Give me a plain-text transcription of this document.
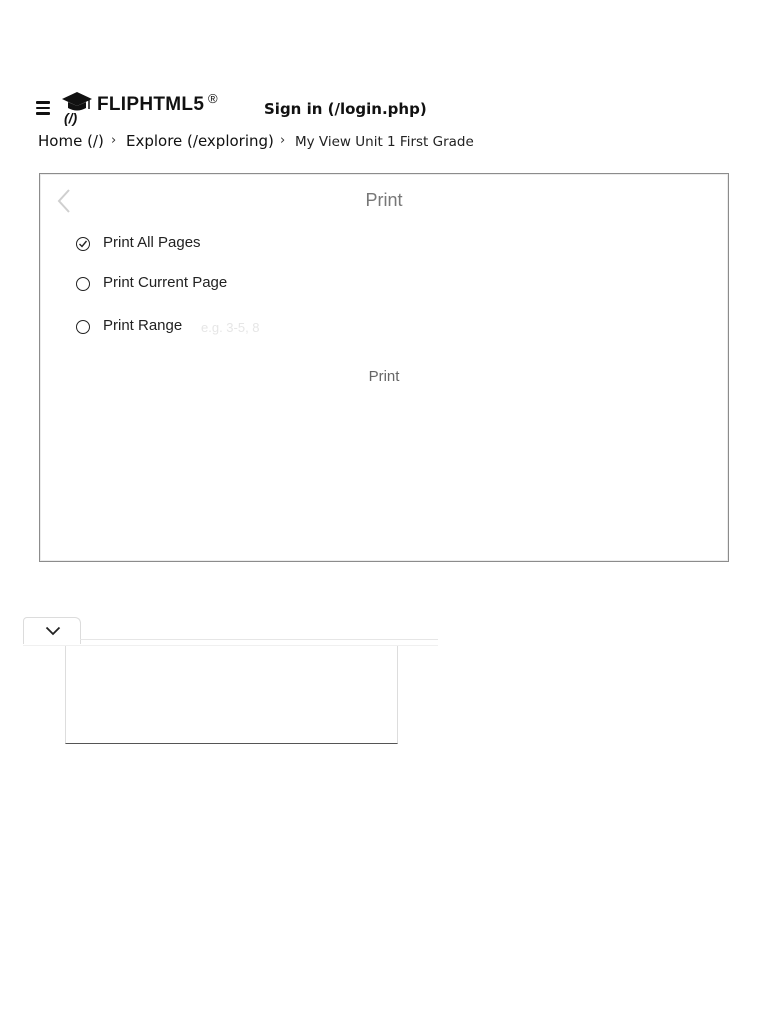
(/)
FLIPHTML5 ®
Sign in (/login.php)
Home (/) › Explore (/exploring) › My View Unit 1 First Grade
Print
Print All Pages
Print Current Page
Print Range
e.g. 3-5, 8
Print
